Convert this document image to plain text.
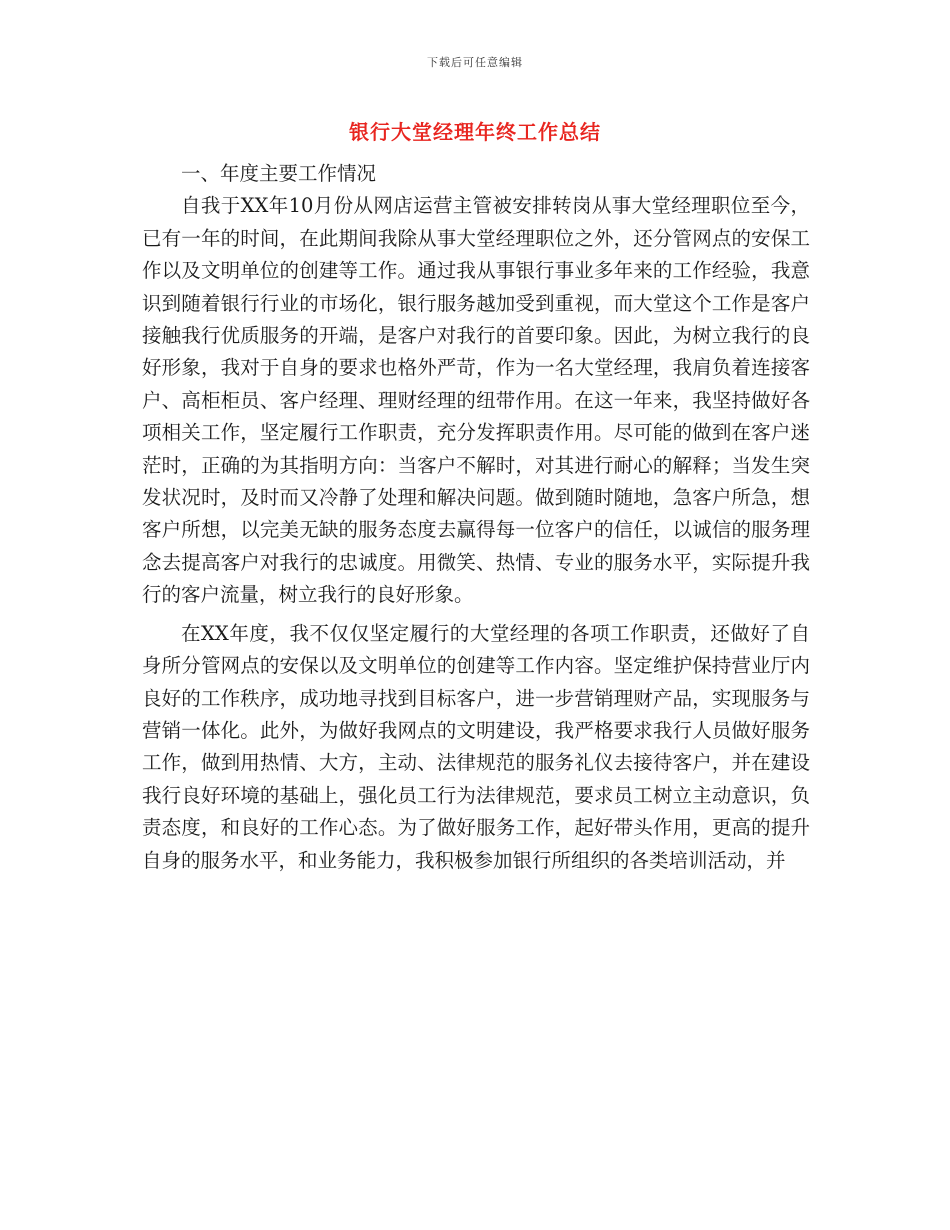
下载后可任意编辑
银行大堂经理年终工作总结

一、年度主要工作情况

自我于XX年10月份从网店运营主管被安排转岗从事大堂经理职位至今，已有一年的时间，在此期间我除从事大堂经理职位之外，还分管网点的安保工作以及文明单位的创建等工作。通过我从事银行事业多年来的工作经验，我意识到随着银行行业的市场化，银行服务越加受到重视，而大堂这个工作是客户接触我行优质服务的开端，是客户对我行的首要印象。因此，为树立我行的良好形象，我对于自身的要求也格外严苛，作为一名大堂经理，我肩负着连接客户、高柜柜员、客户经理、理财经理的纽带作用。在这一年来，我坚持做好各项相关工作，坚定履行工作职责，充分发挥职责作用。尽可能的做到在客户迷茫时，正确的为其指明方向：当客户不解时，对其进行耐心的解释；当发生突发状况时，及时而又冷静了处理和解决问题。做到随时随地，急客户所急，想客户所想，以完美无缺的服务态度去赢得每一位客户的信任，以诚信的服务理念去提高客户对我行的忠诚度。用微笑、热情、专业的服务水平，实际提升我行的客户流量，树立我行的良好形象。

在XX年度，我不仅仅坚定履行的大堂经理的各项工作职责，还做好了自身所分管网点的安保以及文明单位的创建等工作内容。坚定维护保持营业厅内良好的工作秩序，成功地寻找到目标客户，进一步营销理财产品，实现服务与营销一体化。此外，为做好我网点的文明建设，我严格要求我行人员做好服务工作，做到用热情、大方，主动、法律规范的服务礼仪去接待客户，并在建设我行良好环境的基础上，强化员工行为法律规范，要求员工树立主动意识，负责态度，和良好的工作心态。为了做好服务工作，起好带头作用，更高的提升自身的服务水平，和业务能力，我积极参加银行所组织的各类培训活动，并
